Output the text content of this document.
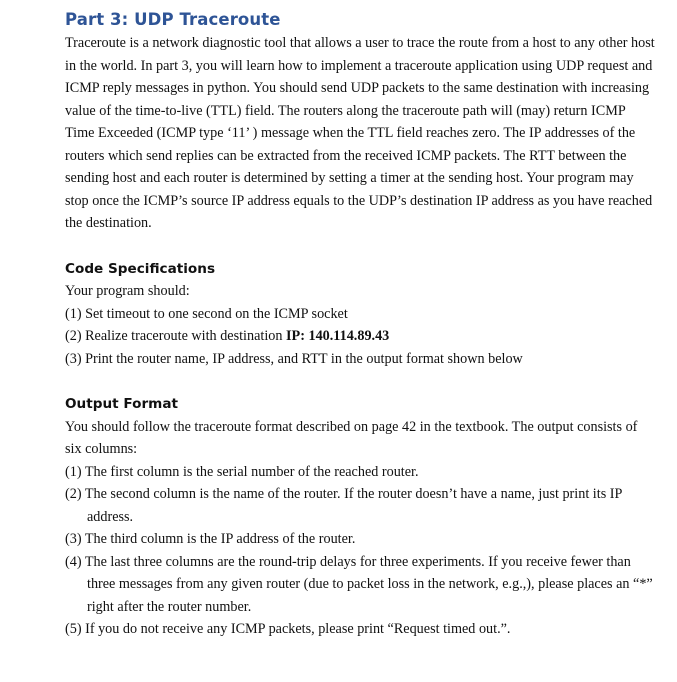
Part 3: UDP Traceroute

Traceroute is a network diagnostic tool that allows a user to trace the route from a host to any other host in the world. In part 3, you will learn how to implement a traceroute application using UDP request and ICMP reply messages in python. You should send UDP packets to the same destination with increasing value of the time-to-live (TTL) field. The routers along the traceroute path will (may) return ICMP Time Exceeded (ICMP type ‘11’ ) message when the TTL field reaches zero. The IP addresses of the routers which send replies can be extracted from the received ICMP packets. The RTT between the sending host and each router is determined by setting a timer at the sending host. Your program may stop once the ICMP’s source IP address equals to the UDP’s destination IP address as you have reached the destination.

Code Specifications

Your program should:

(1) Set timeout to one second on the ICMP socket

(2) Realize traceroute with destination IP: 140.114.89.43

(3) Print the router name, IP address, and RTT in the output format shown below

Output Format

You should follow the traceroute format described on page 42 in the textbook. The output consists of six columns:

(1) The first column is the serial number of the reached router.

(2) The second column is the name of the router. If the router doesn’t have a name, just print its IP address.

(3) The third column is the IP address of the router.

(4) The last three columns are the round-trip delays for three experiments. If you receive fewer than three messages from any given router (due to packet loss in the network, e.g.,), please places an “*” right after the router number.

(5) If you do not receive any ICMP packets, please print “Request timed out.”.
